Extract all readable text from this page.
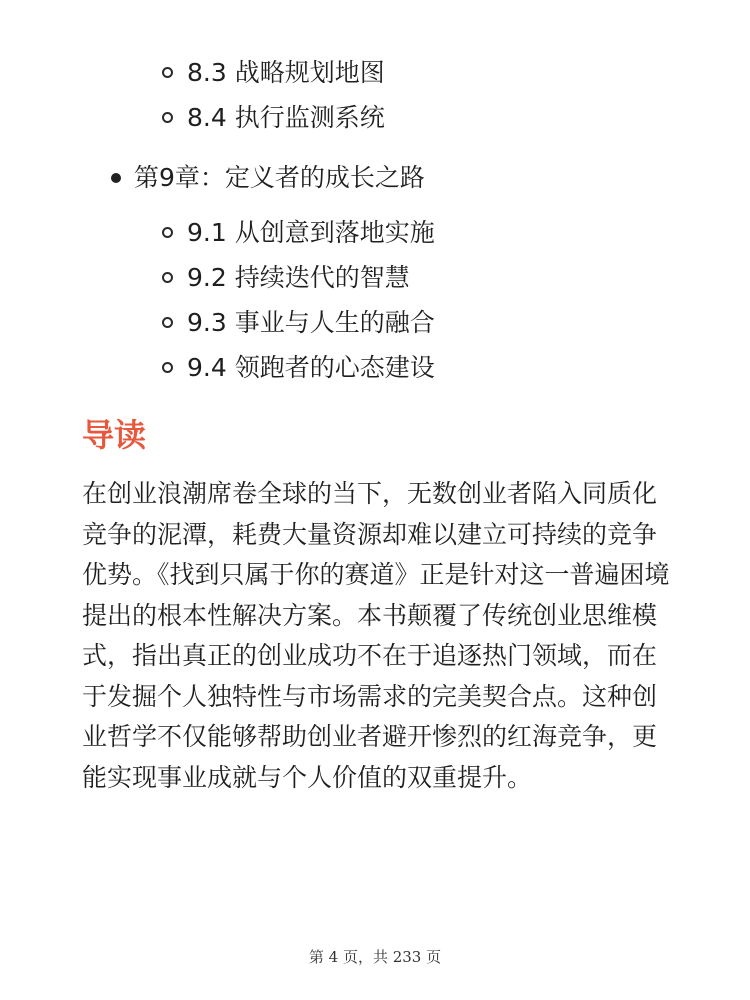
8.3 战略规划地图
8.4 执行监测系统
第9章：定义者的成长之路
9.1 从创意到落地实施
9.2 持续迭代的智慧
9.3 事业与人生的融合
9.4 领跑者的心态建设
导读

在创业浪潮席卷全球的当下，无数创业者陷入同质化竞争的泥潭，耗费大量资源却难以建立可持续的竞争优势。《找到只属于你的赛道》正是针对这一普遍困境提出的根本性解决方案。本书颠覆了传统创业思维模式，指出真正的创业成功不在于追逐热门领域，而在于发掘个人独特性与市场需求的完美契合点。这种创业哲学不仅能够帮助创业者避开惨烈的红海竞争，更能实现事业成就与个人价值的双重提升。

第 4 页，共 233 页
